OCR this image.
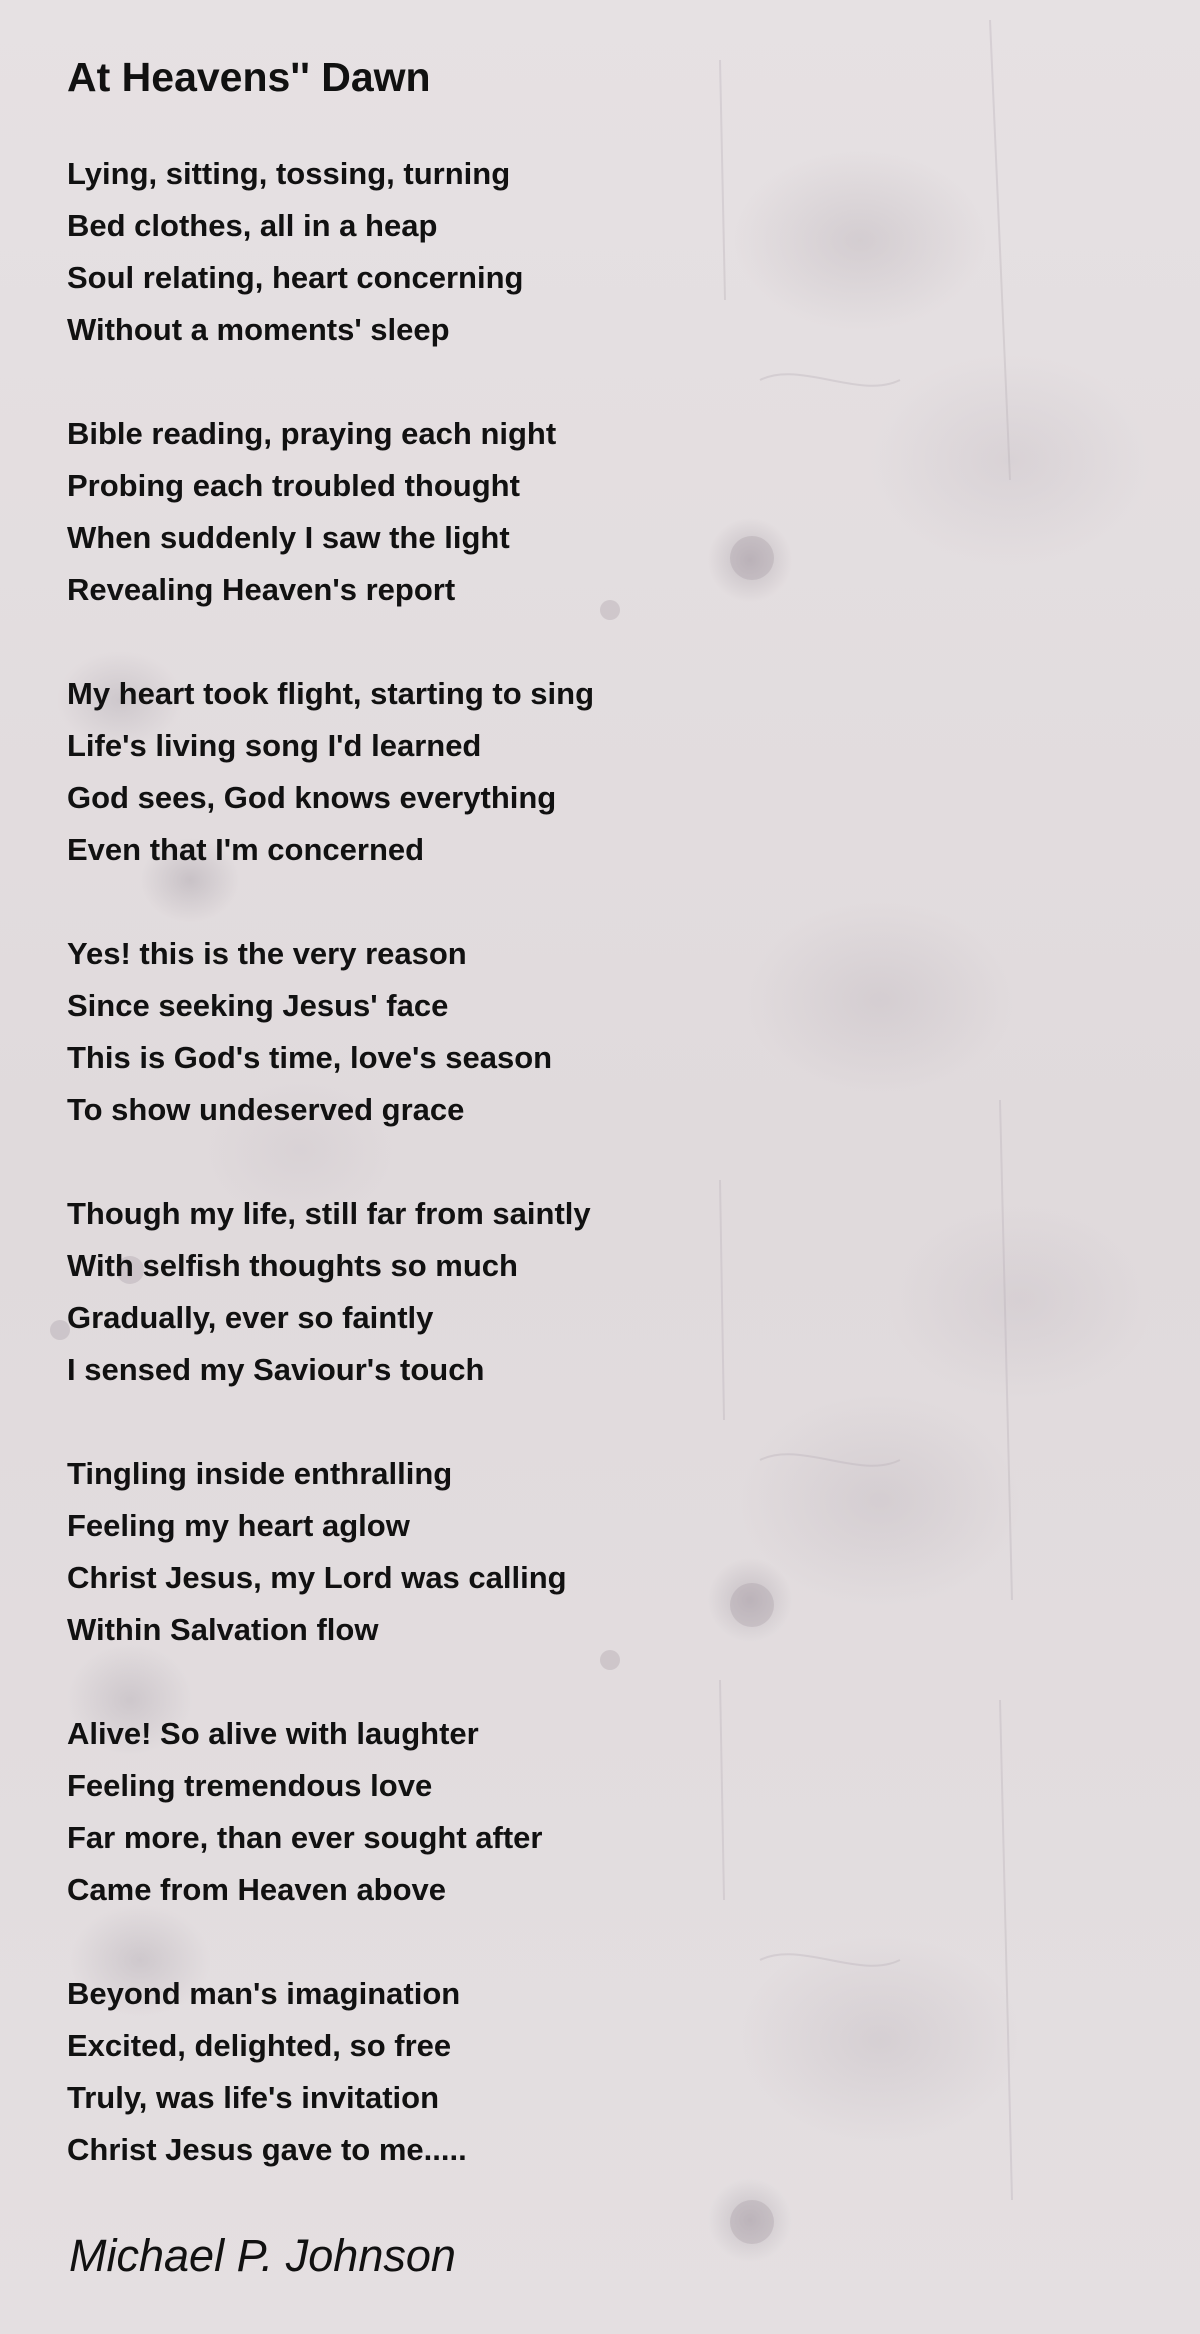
At Heavens'' Dawn
Lying, sitting, tossing, turning
Bed clothes, all in a heap
Soul relating, heart concerning
Without a moments' sleep
Bible reading, praying each night
Probing each troubled thought
When suddenly I saw the light
Revealing Heaven's report
My heart took flight, starting to sing
Life's living song I'd learned
God sees, God knows everything
Even that I'm concerned
Yes! this is the very reason
Since seeking Jesus' face
This is God's time, love's season
To show undeserved grace
Though my life, still far from saintly
With selfish thoughts so much
Gradually, ever so faintly
I sensed my Saviour's touch
Tingling inside enthralling
Feeling my heart aglow
Christ Jesus, my Lord was calling
Within Salvation flow
Alive! So alive with laughter
Feeling tremendous love
Far more, than ever sought after
Came from Heaven above
Beyond man's imagination
Excited, delighted, so free
Truly, was life's invitation
Christ Jesus gave to me.....

Michael P. Johnson
